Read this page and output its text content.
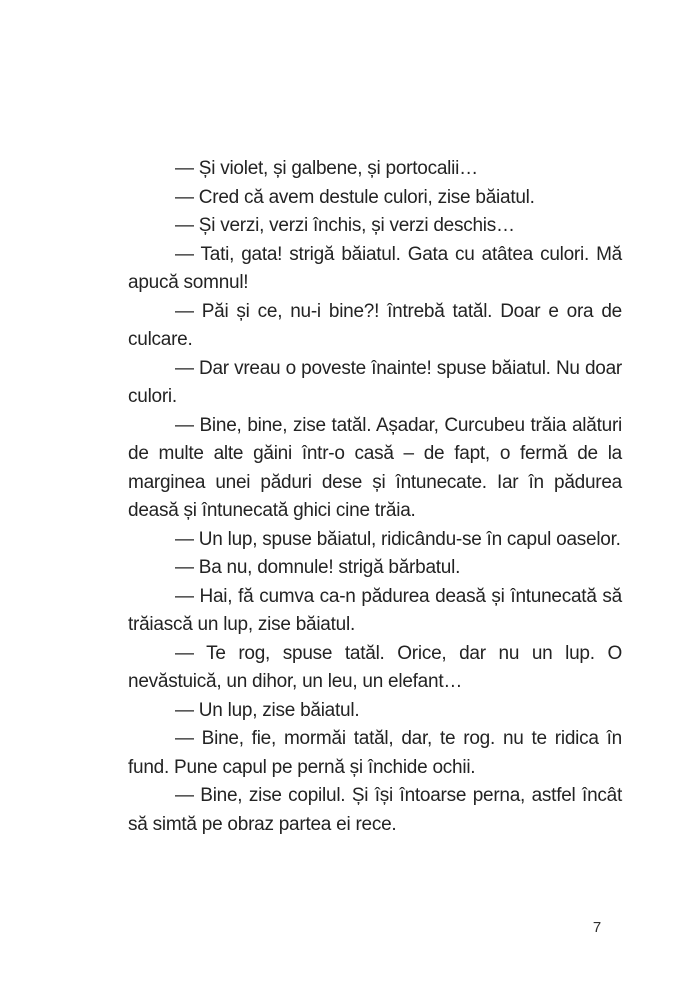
— Și violet, și galbene, și portocalii…

— Cred că avem destule culori, zise băiatul.

— Și verzi, verzi închis, și verzi deschis…

— Tati, gata! strigă băiatul. Gata cu atâtea culori. Mă apucă somnul!

— Păi și ce, nu-i bine?! întrebă tatăl. Doar e ora de culcare.

— Dar vreau o poveste înainte! spuse băiatul. Nu doar culori.

— Bine, bine, zise tatăl. Așadar, Curcubeu trăia alături de multe alte găini într-o casă – de fapt, o fermă de la marginea unei păduri dese și întunecate. Iar în pădurea deasă și întunecată ghici cine trăia.

— Un lup, spuse băiatul, ridicându-se în capul oaselor.

— Ba nu, domnule! strigă bărbatul.

— Hai, fă cumva ca-n pădurea deasă și întunecată să trăiască un lup, zise băiatul.

— Te rog, spuse tatăl. Orice, dar nu un lup. O nevăstuică, un dihor, un leu, un elefant…

— Un lup, zise băiatul.

— Bine, fie, mormăi tatăl, dar, te rog. nu te ridica în fund. Pune capul pe pernă și închide ochii.

— Bine, zise copilul. Și își întoarse perna, astfel încât să simtă pe obraz partea ei rece.

7
